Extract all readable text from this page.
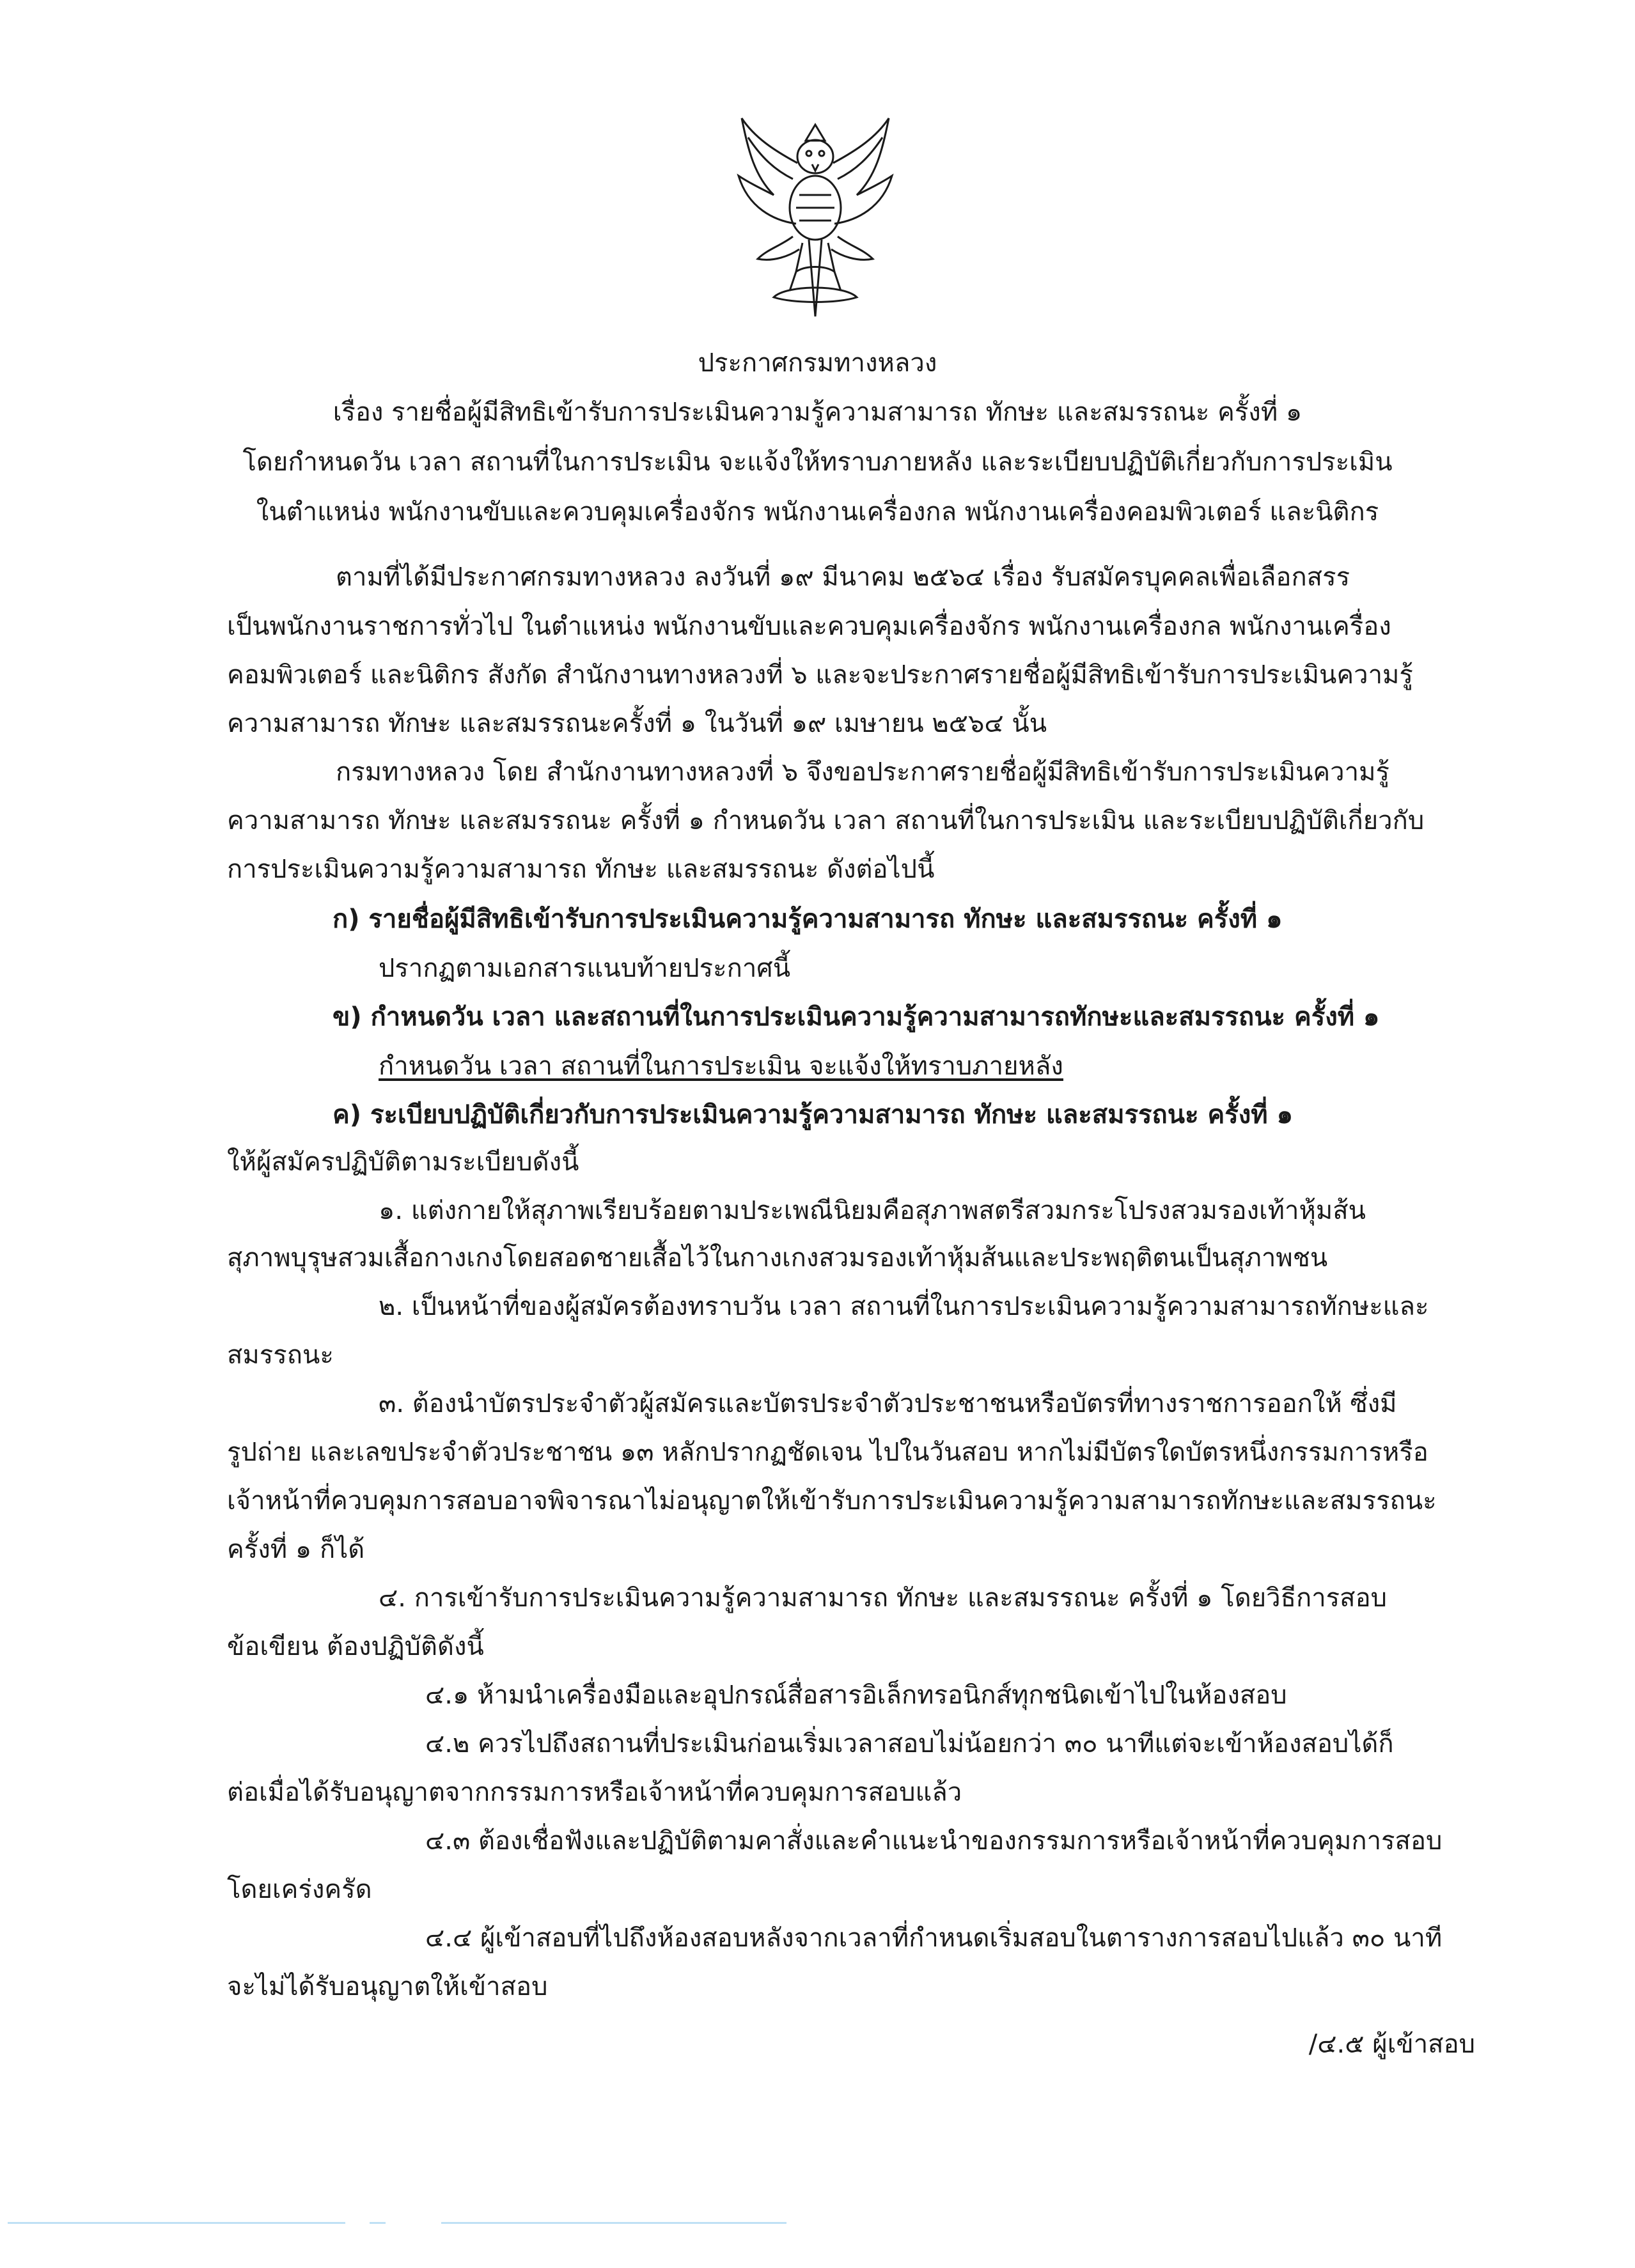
ประกาศกรมทางหลวง
เรื่อง รายชื่อผู้มีสิทธิเข้ารับการประเมินความรู้ความสามารถ ทักษะ และสมรรถนะ ครั้งที่ ๑
โดยกำหนดวัน เวลา สถานที่ในการประเมิน จะแจ้งให้ทราบภายหลัง และระเบียบปฏิบัติเกี่ยวกับการประเมิน
ในตำแหน่ง พนักงานขับและควบคุมเครื่องจักร พนักงานเครื่องกล พนักงานเครื่องคอมพิวเตอร์ และนิติกร
ตามที่ได้มีประกาศกรมทางหลวง ลงวันที่ ๑๙ มีนาคม ๒๕๖๔ เรื่อง รับสมัครบุคคลเพื่อเลือกสรร
เป็นพนักงานราชการทั่วไป ในตำแหน่ง พนักงานขับและควบคุมเครื่องจักร พนักงานเครื่องกล พนักงานเครื่อง
คอมพิวเตอร์ และนิติกร สังกัด สำนักงานทางหลวงที่ ๖ และจะประกาศรายชื่อผู้มีสิทธิเข้ารับการประเมินความรู้
ความสามารถ ทักษะ และสมรรถนะครั้งที่ ๑ ในวันที่ ๑๙ เมษายน ๒๕๖๔ นั้น
กรมทางหลวง โดย สำนักงานทางหลวงที่ ๖ จึงขอประกาศรายชื่อผู้มีสิทธิเข้ารับการประเมินความรู้
ความสามารถ ทักษะ และสมรรถนะ ครั้งที่ ๑ กำหนดวัน เวลา สถานที่ในการประเมิน และระเบียบปฏิบัติเกี่ยวกับ
การประเมินความรู้ความสามารถ ทักษะ และสมรรถนะ ดังต่อไปนี้
ก) รายชื่อผู้มีสิทธิเข้ารับการประเมินความรู้ความสามารถ ทักษะ และสมรรถนะ ครั้งที่ ๑
ปรากฏตามเอกสารแนบท้ายประกาศนี้
ข) กำหนดวัน เวลา และสถานที่ในการประเมินความรู้ความสามารถทักษะและสมรรถนะ ครั้งที่ ๑
กำหนดวัน เวลา สถานที่ในการประเมิน จะแจ้งให้ทราบภายหลัง
ค) ระเบียบปฏิบัติเกี่ยวกับการประเมินความรู้ความสามารถ ทักษะ และสมรรถนะ ครั้งที่ ๑
ให้ผู้สมัครปฏิบัติตามระเบียบดังนี้
๑. แต่งกายให้สุภาพเรียบร้อยตามประเพณีนิยมคือสุภาพสตรีสวมกระโปรงสวมรองเท้าหุ้มส้น
สุภาพบุรุษสวมเสื้อกางเกงโดยสอดชายเสื้อไว้ในกางเกงสวมรองเท้าหุ้มส้นและประพฤติตนเป็นสุภาพชน
๒. เป็นหน้าที่ของผู้สมัครต้องทราบวัน เวลา สถานที่ในการประเมินความรู้ความสามารถทักษะและ
สมรรถนะ
๓. ต้องนำบัตรประจำตัวผู้สมัครและบัตรประจำตัวประชาชนหรือบัตรที่ทางราชการออกให้ ซึ่งมี
รูปถ่าย และเลขประจำตัวประชาชน ๑๓ หลักปรากฏชัดเจน ไปในวันสอบ หากไม่มีบัตรใดบัตรหนึ่งกรรมการหรือ
เจ้าหน้าที่ควบคุมการสอบอาจพิจารณาไม่อนุญาตให้เข้ารับการประเมินความรู้ความสามารถทักษะและสมรรถนะ
ครั้งที่ ๑ ก็ได้
๔. การเข้ารับการประเมินความรู้ความสามารถ ทักษะ และสมรรถนะ ครั้งที่ ๑ โดยวิธีการสอบ
ข้อเขียน ต้องปฏิบัติดังนี้
๔.๑ ห้ามนำเครื่องมือและอุปกรณ์สื่อสารอิเล็กทรอนิกส์ทุกชนิดเข้าไปในห้องสอบ
๔.๒ ควรไปถึงสถานที่ประเมินก่อนเริ่มเวลาสอบไม่น้อยกว่า ๓๐ นาทีแต่จะเข้าห้องสอบได้ก็
ต่อเมื่อได้รับอนุญาตจากกรรมการหรือเจ้าหน้าที่ควบคุมการสอบแล้ว
๔.๓ ต้องเชื่อฟังและปฏิบัติตามคาสั่งและคำแนะนำของกรรมการหรือเจ้าหน้าที่ควบคุมการสอบ
โดยเคร่งครัด
๔.๔ ผู้เข้าสอบที่ไปถึงห้องสอบหลังจากเวลาที่กำหนดเริ่มสอบในตารางการสอบไปแล้ว ๓๐ นาที
จะไม่ได้รับอนุญาตให้เข้าสอบ
/๔.๕ ผู้เข้าสอบ
